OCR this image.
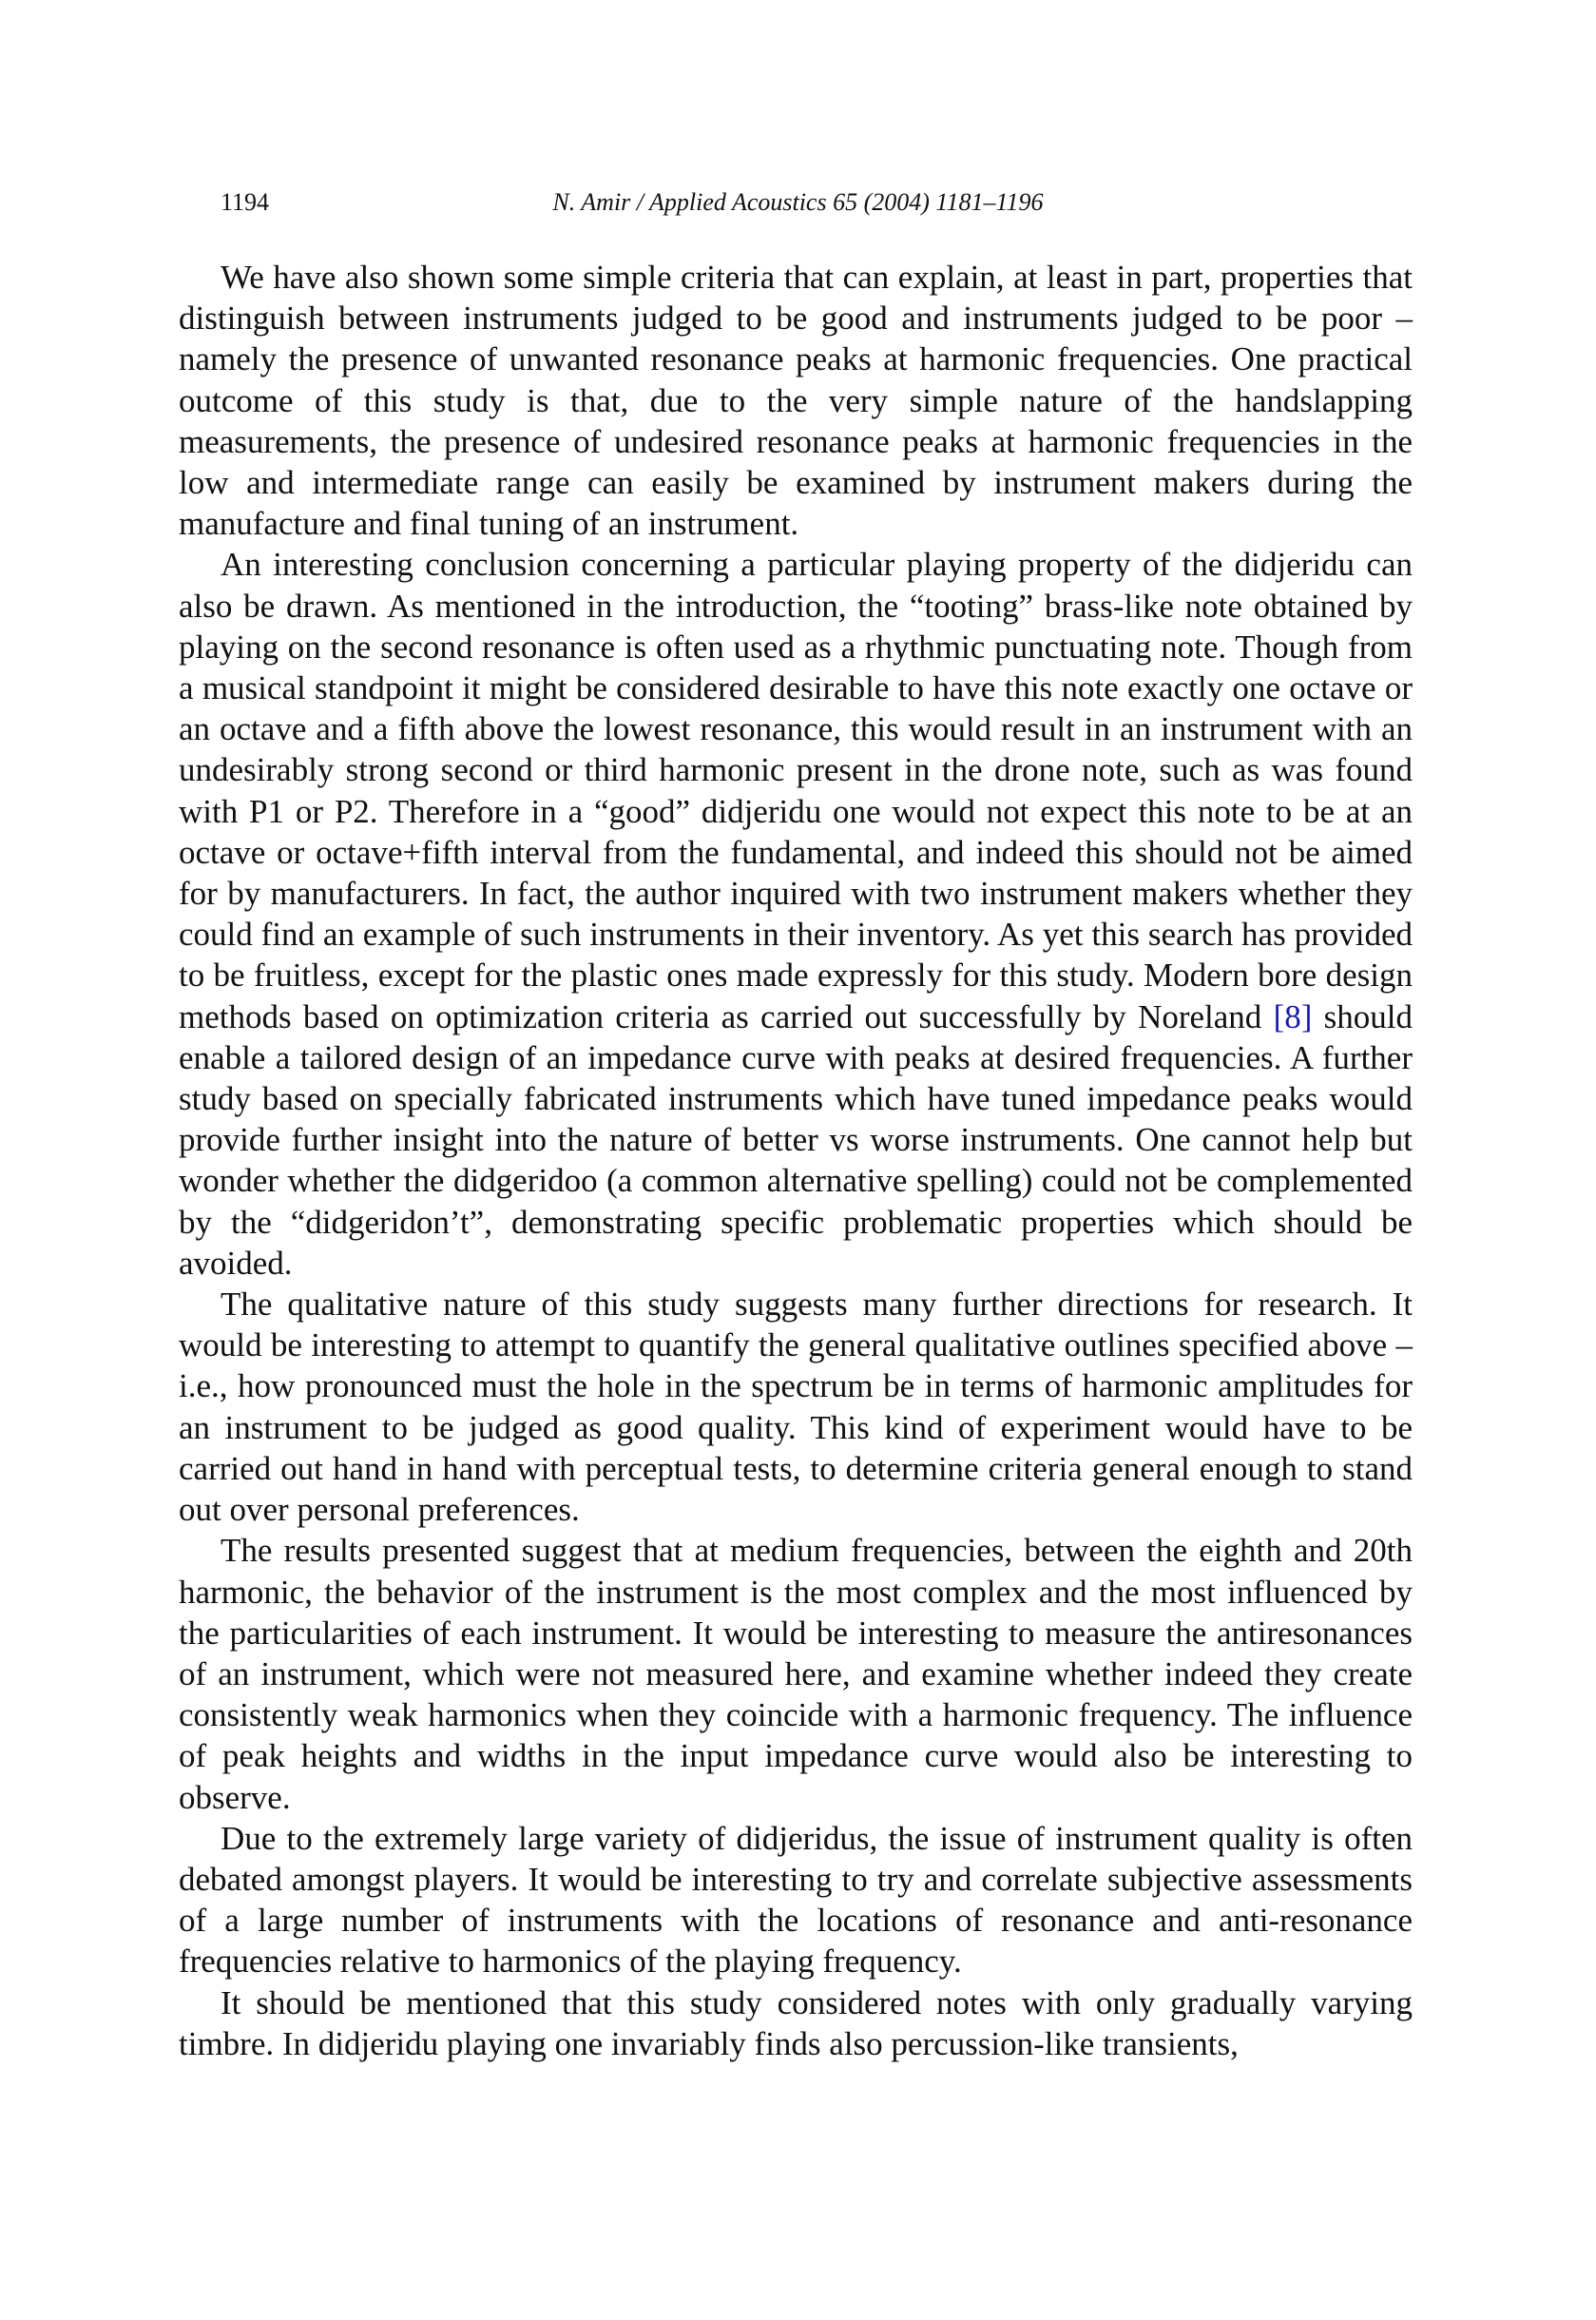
1194	N. Amir / Applied Acoustics 65 (2004) 1181–1196

We have also shown some simple criteria that can explain, at least in part, properties that distinguish between instruments judged to be good and instruments judged to be poor – namely the presence of unwanted resonance peaks at harmonic frequencies. One practical outcome of this study is that, due to the very simple nature of the handslapping measurements, the presence of undesired resonance peaks at harmonic frequencies in the low and intermediate range can easily be examined by instrument makers during the manufacture and final tuning of an instrument.

An interesting conclusion concerning a particular playing property of the didjeridu can also be drawn. As mentioned in the introduction, the “tooting” brass-like note obtained by playing on the second resonance is often used as a rhythmic punctuating note. Though from a musical standpoint it might be considered desirable to have this note exactly one octave or an octave and a fifth above the lowest resonance, this would result in an instrument with an undesirably strong second or third harmonic present in the drone note, such as was found with P1 or P2. Therefore in a “good” didjeridu one would not expect this note to be at an octave or octave+fifth interval from the fundamental, and indeed this should not be aimed for by manufacturers. In fact, the author inquired with two instrument makers whether they could find an example of such instruments in their inventory. As yet this search has provided to be fruitless, except for the plastic ones made expressly for this study. Modern bore design methods based on optimization criteria as carried out successfully by Noreland [8] should enable a tailored design of an impedance curve with peaks at desired frequencies. A further study based on specially fabricated instruments which have tuned impedance peaks would provide further insight into the nature of better vs worse instruments. One cannot help but wonder whether the didgeridoo (a common alternative spelling) could not be complemented by the “didgeridon’t”, demonstrating specific problematic properties which should be avoided.

The qualitative nature of this study suggests many further directions for research. It would be interesting to attempt to quantify the general qualitative outlines specified above – i.e., how pronounced must the hole in the spectrum be in terms of harmonic amplitudes for an instrument to be judged as good quality. This kind of experiment would have to be carried out hand in hand with perceptual tests, to determine criteria general enough to stand out over personal preferences.

The results presented suggest that at medium frequencies, between the eighth and 20th harmonic, the behavior of the instrument is the most complex and the most influenced by the particularities of each instrument. It would be interesting to measure the antiresonances of an instrument, which were not measured here, and examine whether indeed they create consistently weak harmonics when they coincide with a harmonic frequency. The influence of peak heights and widths in the input impedance curve would also be interesting to observe.

Due to the extremely large variety of didjeridus, the issue of instrument quality is often debated amongst players. It would be interesting to try and correlate subjective assessments of a large number of instruments with the locations of resonance and anti-resonance frequencies relative to harmonics of the playing frequency.

It should be mentioned that this study considered notes with only gradually varying timbre. In didjeridu playing one invariably finds also percussion-like transients,
